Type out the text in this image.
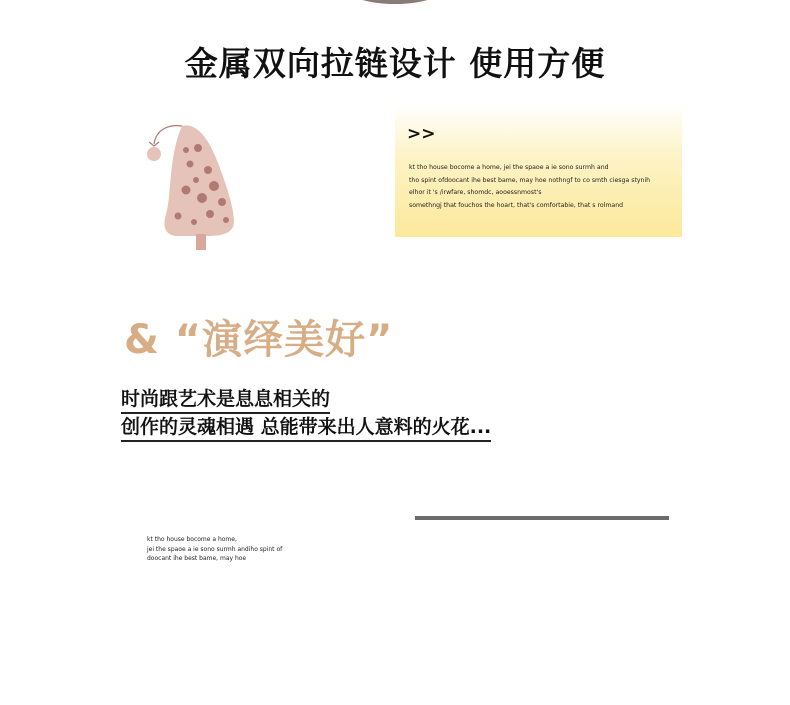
金属双向拉链设计 使用方便
>>
kt tho house bocome a home, jei the spaoe a ie sono surmh and
tho spint ofdoocant ihe best bame, may hoe nothngf to co smth ciesga stynih
elhor it 's /irwfare, shomdc, aooessnmost's
somethngj that fouchos the hoart, that's comfortabie, that s rolmand
& “演绎美好”
时尚跟艺术是息息相关的
创作的灵魂相遇 总能带来出人意料的火花...
kt tho house bocome a home,
jei the spaoe a ie sono surmh andiho spint of
doocant ihe best bame, may hoe
